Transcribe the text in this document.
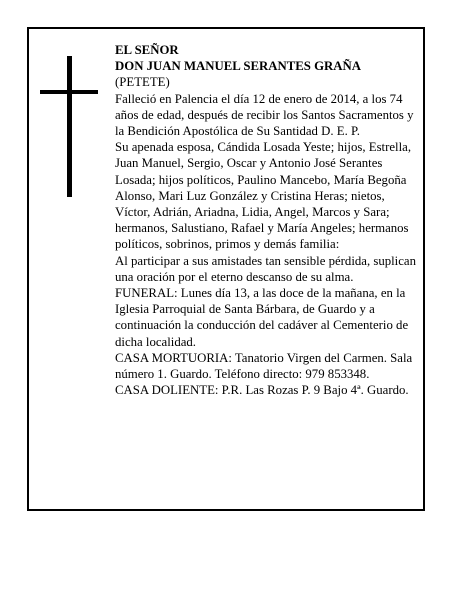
EL SEÑOR

DON JUAN MANUEL SERANTES GRAÑA

(PETETE)

Falleció en Palencia el día 12 de enero de 2014, a los 74 años de edad, después de recibir los Santos Sacramentos y la Bendición Apostólica de Su Santidad D. E. P.

Su apenada esposa, Cándida Losada Yeste; hijos, Estrella, Juan Manuel, Sergio, Oscar y Antonio José Serantes Losada; hijos políticos, Paulino Mancebo, María Begoña Alonso, Mari Luz González y Cristina Heras; nietos, Víctor, Adrián, Ariadna, Lidia, Angel, Marcos y Sara; hermanos, Salustiano, Rafael y María Angeles; hermanos políticos, sobrinos, primos y demás familia:

Al participar a sus amistades tan sensible pérdida, suplican una oración por el eterno descanso de su alma.

FUNERAL: Lunes día 13, a las doce de la mañana, en la Iglesia Parroquial de Santa Bárbara, de Guardo y a continuación la conducción del cadáver al Cementerio de dicha localidad.

CASA MORTUORIA: Tanatorio Virgen del Carmen. Sala número 1. Guardo. Teléfono directo: 979 853348.

CASA DOLIENTE: P.R. Las Rozas P. 9 Bajo 4ª. Guardo.
